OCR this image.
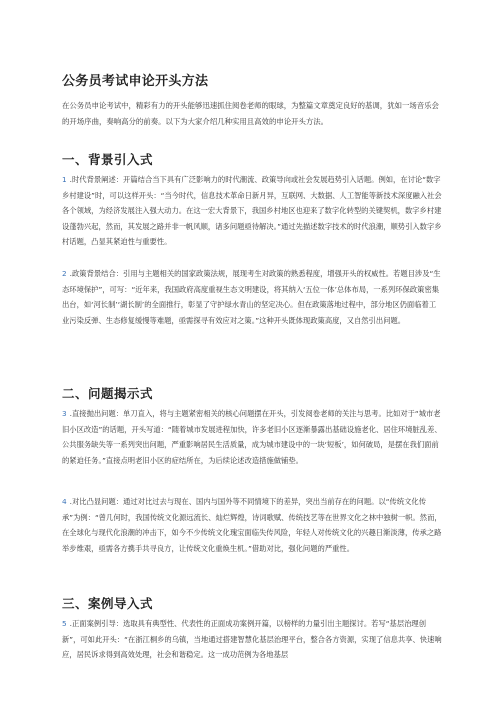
公务员考试申论开头方法
在公务员申论考试中，精彩有力的开头能够迅速抓住阅卷老师的眼球，为整篇文章奠定良好的基调，犹如一场音乐会的开场序曲，奏响高分的前奏。以下为大家介绍几种实用且高效的申论开头方法。
一、背景引入式
1 .时代背景阐述：开篇结合当下具有广泛影响力的时代潮流、政策导向或社会发展趋势引入话题。例如，在讨论“数字乡村建设”时，可以这样开头：“当今时代，信息技术革命日新月异，互联网、大数据、人工智能等新技术深度融入社会各个领域，为经济发展注入强大动力。在这一宏大背景下，我国乡村地区也迎来了数字化转型的关键契机，数字乡村建设蓬勃兴起，然而，其发展之路并非一帆风顺，诸多问题亟待解决。”通过先描述数字技术的时代浪潮，顺势引入数字乡村话题，凸显其紧迫性与重要性。
2 .政策背景结合：引用与主题相关的国家政策法规，展现考生对政策的熟悉程度，增强开头的权威性。若题目涉及“生态环境保护”，可写：“近年来，我国政府高度重视生态文明建设，将其纳入‘五位一体’总体布局，一系列环保政策密集出台，如‘河长制’‘湖长制’的全面推行，彰显了守护绿水青山的坚定决心。但在政策落地过程中，部分地区仍面临着工业污染反弹、生态修复缓慢等难题，亟需探寻有效应对之策。”这种开头既体现政策高度，又自然引出问题。
二、问题揭示式
3 .直接抛出问题：单刀直入，将与主题紧密相关的核心问题摆在开头，引发阅卷老师的关注与思考。比如对于“城市老旧小区改造”的话题，开头写道：“随着城市发展进程加快，许多老旧小区逐渐暴露出基础设施老化、居住环境脏乱差、公共服务缺失等一系列突出问题，严重影响居民生活质量，成为城市建设中的一块‘短板’，如何破局，是摆在我们面前的紧迫任务。”直接点明老旧小区的症结所在，为后续论述改造措施做铺垫。
4 .对比凸显问题：通过对比过去与现在、国内与国外等不同情境下的差异，突出当前存在的问题。以“传统文化传承”为例：“曾几何时，我国传统文化源远流长、灿烂辉煌，诗词歌赋、传统技艺等在世界文化之林中独树一帜。然而，在全球化与现代化浪潮的冲击下，如今不少传统文化瑰宝面临失传风险，年轻人对传统文化的兴趣日渐淡薄，传承之路举步维艰，亟需各方携手共寻良方，让传统文化重焕生机。”借助对比，强化问题的严重性。
三、案例导入式
5 .正面案例引导：选取具有典型性、代表性的正面成功案例开篇，以榜样的力量引出主题探讨。若写“基层治理创新”，可如此开头：“在浙江桐乡的乌镇，当地通过搭建智慧化基层治理平台，整合各方资源，实现了信息共享、快速响应，居民诉求得到高效处理，社会和谐稳定。这一成功范例为各地基层
